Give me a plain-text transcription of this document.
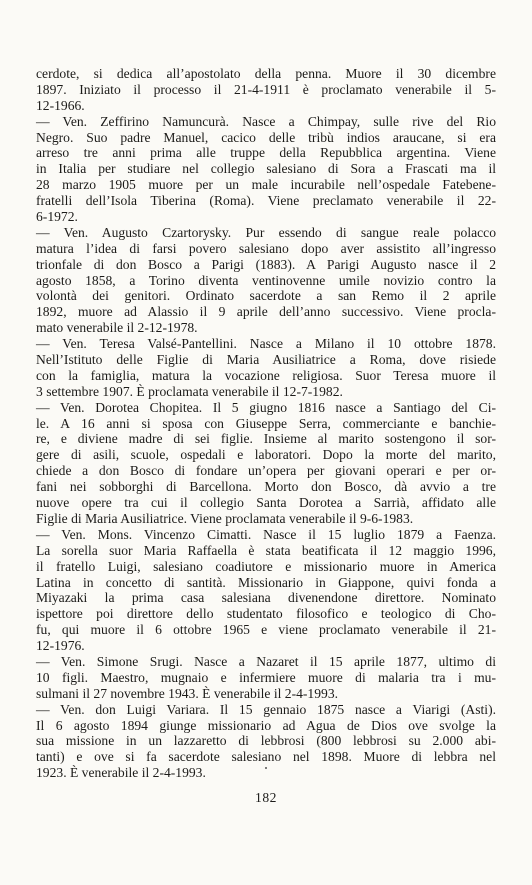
cerdote, si dedica all’apostolato della penna. Muore il 30 dicembre
1897. Iniziato il processo il 21-4-1911 è proclamato venerabile il 5-
12-1966.
— Ven. Zeffirino Namuncurà. Nasce a Chimpay, sulle rive del Rio
Negro. Suo padre Manuel, cacico delle tribù indios araucane, si era
arreso tre anni prima alle truppe della Repubblica argentina. Viene
in Italia per studiare nel collegio salesiano di Sora a Frascati ma il
28 marzo 1905 muore per un male incurabile nell’ospedale Fatebene-
fratelli dell’Isola Tiberina (Roma). Viene preclamato venerabile il 22-
6-1972.
— Ven. Augusto Czartorysky. Pur essendo di sangue reale polacco
matura l’idea di farsi povero salesiano dopo aver assistito all’ingresso
trionfale di don Bosco a Parigi (1883). A Parigi Augusto nasce il 2
agosto 1858, a Torino diventa ventinovenne umile novizio contro la
volontà dei genitori. Ordinato sacerdote a san Remo il 2 aprile
1892, muore ad Alassio il 9 aprile dell’anno successivo. Viene procla-
mato venerabile il 2-12-1978.
— Ven. Teresa Valsé-Pantellini. Nasce a Milano il 10 ottobre 1878.
Nell’Istituto delle Figlie di Maria Ausiliatrice a Roma, dove risiede
con la famiglia, matura la vocazione religiosa. Suor Teresa muore il
3 settembre 1907. È proclamata venerabile il 12-7-1982.
— Ven. Dorotea Chopitea. Il 5 giugno 1816 nasce a Santiago del Ci-
le. A 16 anni si sposa con Giuseppe Serra, commerciante e banchie-
re, e diviene madre di sei figlie. Insieme al marito sostengono il sor-
gere di asili, scuole, ospedali e laboratori. Dopo la morte del marito,
chiede a don Bosco di fondare un’opera per giovani operari e per or-
fani nei sobborghi di Barcellona. Morto don Bosco, dà avvio a tre
nuove opere tra cui il collegio Santa Dorotea a Sarrià, affidato alle
Figlie di Maria Ausiliatrice. Viene proclamata venerabile il 9-6-1983.
— Ven. Mons. Vincenzo Cimatti. Nasce il 15 luglio 1879 a Faenza.
La sorella suor Maria Raffaella è stata beatificata il 12 maggio 1996,
il fratello Luigi, salesiano coadiutore e missionario muore in America
Latina in concetto di santità. Missionario in Giappone, quivi fonda a
Miyazaki la prima casa salesiana divenendone direttore. Nominato
ispettore poi direttore dello studentato filosofico e teologico di Cho-
fu, qui muore il 6 ottobre 1965 e viene proclamato venerabile il 21-
12-1976.
— Ven. Simone Srugi. Nasce a Nazaret il 15 aprile 1877, ultimo di
10 figli. Maestro, mugnaio e infermiere muore di malaria tra i mu-
sulmani il 27 novembre 1943. È venerabile il 2-4-1993.
— Ven. don Luigi Variara. Il 15 gennaio 1875 nasce a Viarigi (Asti).
Il 6 agosto 1894 giunge missionario ad Agua de Dios ove svolge la
sua missione in un lazzaretto di lebbrosi (800 lebbrosi su 2.000 abi-
tanti) e ove si fa sacerdote salesiano nel 1898. Muore di lebbra nel
1923. È venerabile il 2-4-1993.
182
